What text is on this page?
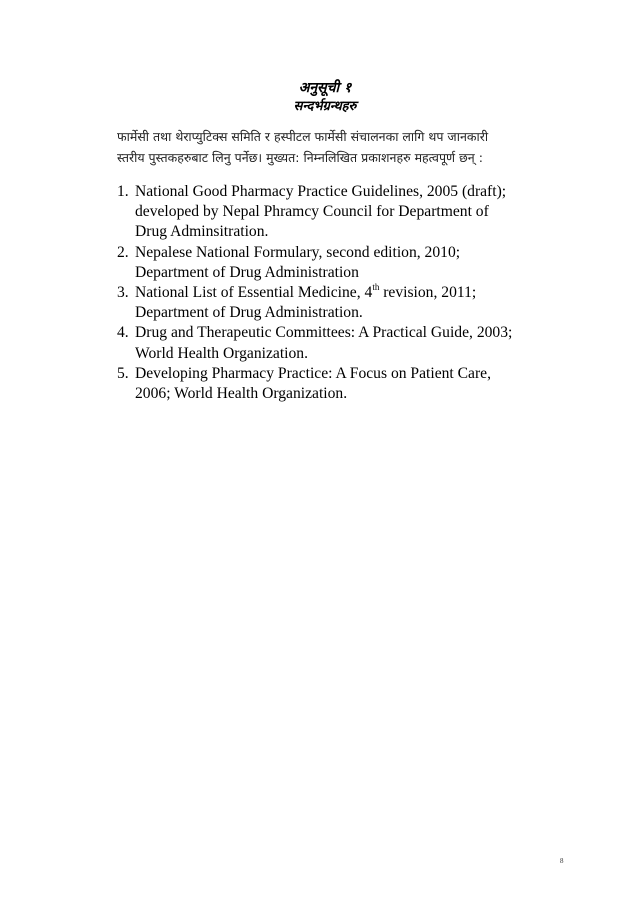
अनुसूची १
सन्दर्भग्रन्थहरु
फार्मेसी तथा थेराप्युटिक्स समिति र हस्पीटल फार्मेसी संचालनका लागि थप जानकारी
स्तरीय पुस्तकहरुबाट लिनु पर्नेछ। मुख्यत: निम्नलिखित प्रकाशनहरु महत्वपूर्ण छन् :
1. National Good Pharmacy Practice Guidelines, 2005 (draft);
developed by Nepal Phramcy Council for Department of
Drug Adminsitration.
2. Nepalese National Formulary, second edition, 2010;
Department of Drug Administration
3. National List of Essential Medicine, 4th revision, 2011;
Department of Drug Administration.
4. Drug and Therapeutic Committees: A Practical Guide, 2003;
World Health Organization.
5. Developing Pharmacy Practice: A Focus on Patient Care,
2006; World Health Organization.
8
